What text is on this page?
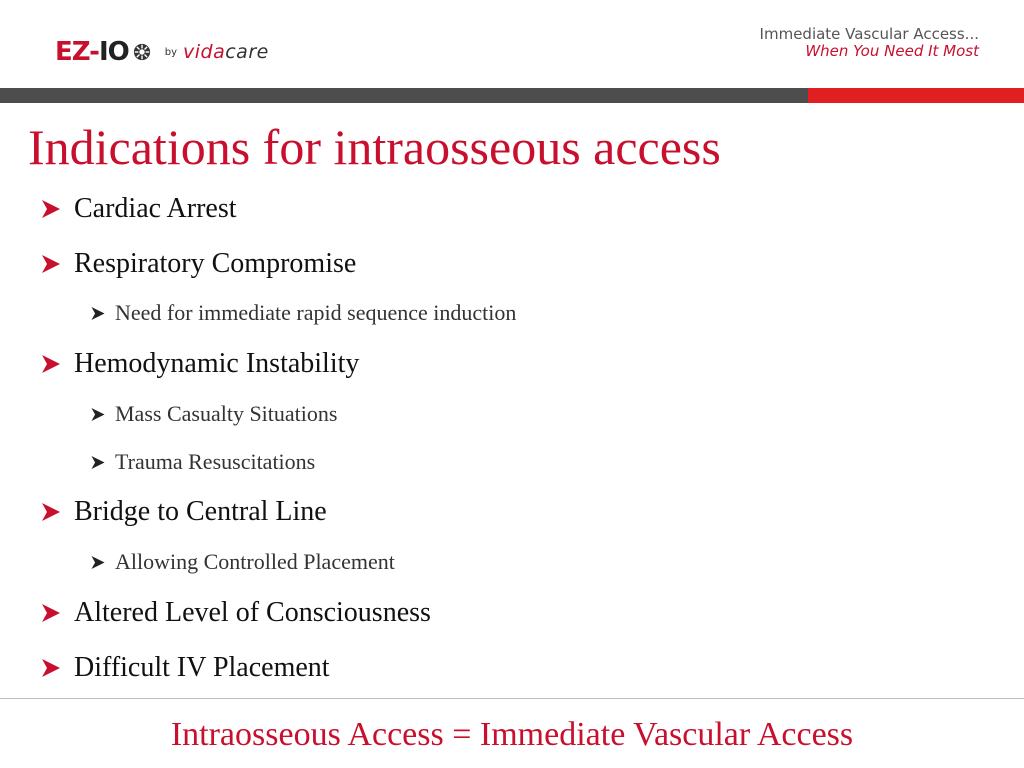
EZ-IO	by vidacare
Immediate Vascular Access...
When You Need It Most
Indications for intraosseous access
Cardiac Arrest
Respiratory Compromise
Need for immediate rapid sequence induction
Hemodynamic Instability
Mass Casualty Situations
Trauma Resuscitations
Bridge to Central Line
Allowing Controlled Placement
Altered Level of Consciousness
Difficult IV Placement
Intraosseous Access = Immediate Vascular Access
